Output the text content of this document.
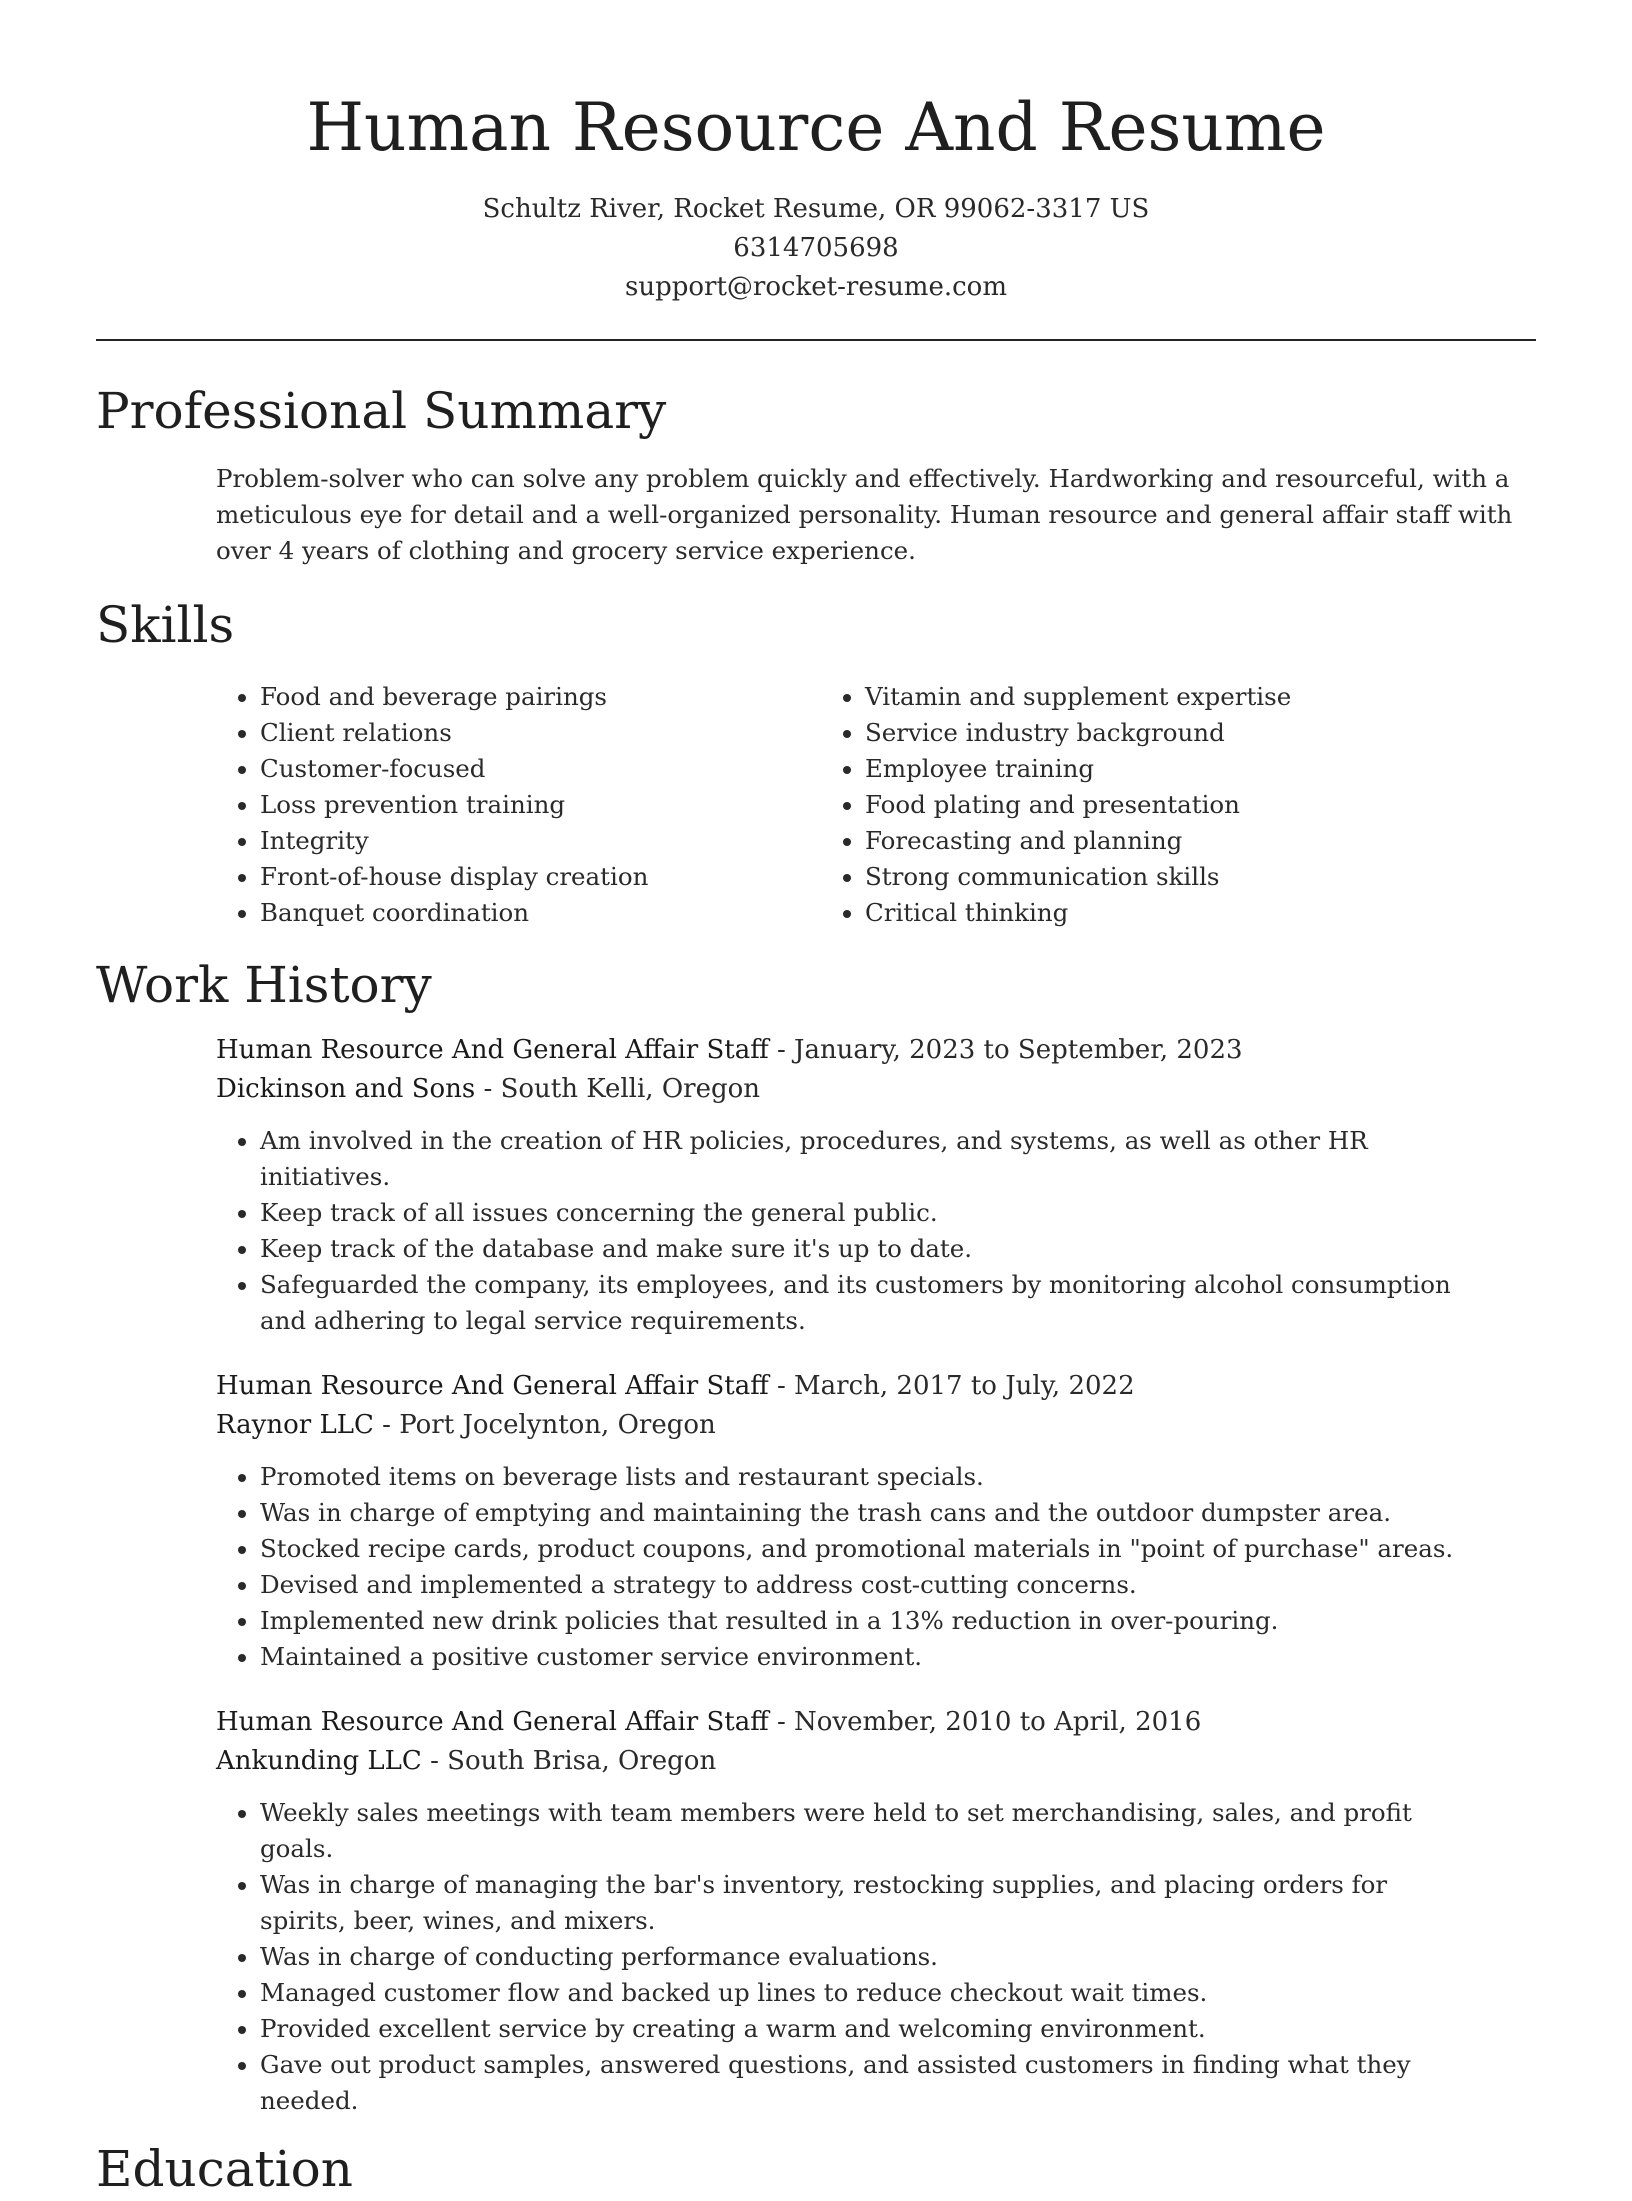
Human Resource And Resume
Schultz River, Rocket Resume, OR 99062-3317 US
6314705698
support@rocket-resume.com
Professional Summary

Problem-solver who can solve any problem quickly and effectively. Hardworking and resourceful, with a meticulous eye for detail and a well-organized personality. Human resource and general affair staff with over 4 years of clothing and grocery service experience.

Skills
• Food and beverage pairings
• Client relations
• Customer-focused
• Loss prevention training
• Integrity
• Front-of-house display creation
• Banquet coordination
• Vitamin and supplement expertise
• Service industry background
• Employee training
• Food plating and presentation
• Forecasting and planning
• Strong communication skills
• Critical thinking
Work History
Human Resource And General Affair Staff - January, 2023 to September, 2023
Dickinson and Sons - South Kelli, Oregon
• Am involved in the creation of HR policies, procedures, and systems, as well as other HR initiatives.
• Keep track of all issues concerning the general public.
• Keep track of the database and make sure it's up to date.
• Safeguarded the company, its employees, and its customers by monitoring alcohol consumption and adhering to legal service requirements.
Human Resource And General Affair Staff - March, 2017 to July, 2022
Raynor LLC - Port Jocelynton, Oregon
• Promoted items on beverage lists and restaurant specials.
• Was in charge of emptying and maintaining the trash cans and the outdoor dumpster area.
• Stocked recipe cards, product coupons, and promotional materials in "point of purchase" areas.
• Devised and implemented a strategy to address cost-cutting concerns.
• Implemented new drink policies that resulted in a 13% reduction in over-pouring.
• Maintained a positive customer service environment.
Human Resource And General Affair Staff - November, 2010 to April, 2016
Ankunding LLC - South Brisa, Oregon
• Weekly sales meetings with team members were held to set merchandising, sales, and profit goals.
• Was in charge of managing the bar's inventory, restocking supplies, and placing orders for spirits, beer, wines, and mixers.
• Was in charge of conducting performance evaluations.
• Managed customer flow and backed up lines to reduce checkout wait times.
• Provided excellent service by creating a warm and welcoming environment.
• Gave out product samples, answered questions, and assisted customers in finding what they needed.
Education
